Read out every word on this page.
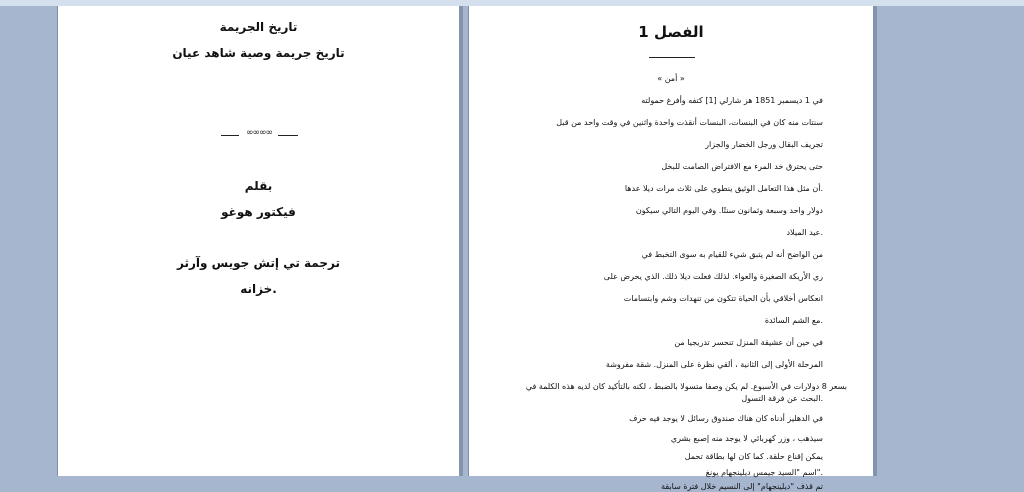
تاريخ الجريمة
تاريخ جريمة وصية شاهد عيان
∞∞∞∞
بقلم
فيكتور هوغو
ترجمة تي إتش جويس وآرثر
.خزانه
الفصل 1
« أمن »
في 1 ديسمبر 1851 هز شارلي [1] كتفه وأفرغ حمولته
سنتات منه كان في البنسات، البنسات أنقذت واحدة واثنين في وقت واحد من قبل
تجريف البقال ورجل الخضار والجزار
حتى يحترق خد المرء مع الافتراض الصامت للبخل
.أن مثل هذا التعامل الوثيق ينطوي على ثلاث مرات ديلا عدها
دولار واحد وسبعة وثمانون سنتًا. وفي اليوم التالي سيكون
.عيد الميلاد
من الواضح أنه لم يتبق شيء للقيام به سوى التخبط في
ري الأريكة الصغيرة والعواء. لذلك فعلت ديلا ذلك. الذي يحرض على
انعكاس أخلاقي بأن الحياة تتكون من تنهدات وشم وابتسامات
.مع الشم السائدة
في حين أن عشيقة المنزل تنحسر تدريجيا من
المرحلة الأولى إلى الثانية ، ألقي نظرة على المنزل. شقة مفروشة
بسعر 8 دولارات في الأسبوع. لم يكن وصفا متسولا بالضبط ، لكنه بالتأكيد كان لديه هذه الكلمة في
.البحث عن فرقة التسول
في الدهليز أدناه كان هناك صندوق رسائل لا يوجد فيه حرف
سيذهب ، وزر كهربائي لا يوجد منه إصبع بشري
يمكن إقناع حلقة. كما كان لها بطاقة تحمل
."اسم "السيد جيمس ديلينجهام يونغ
تم قذف "ديلينجهام" إلى النسيم خلال فترة سابقة
